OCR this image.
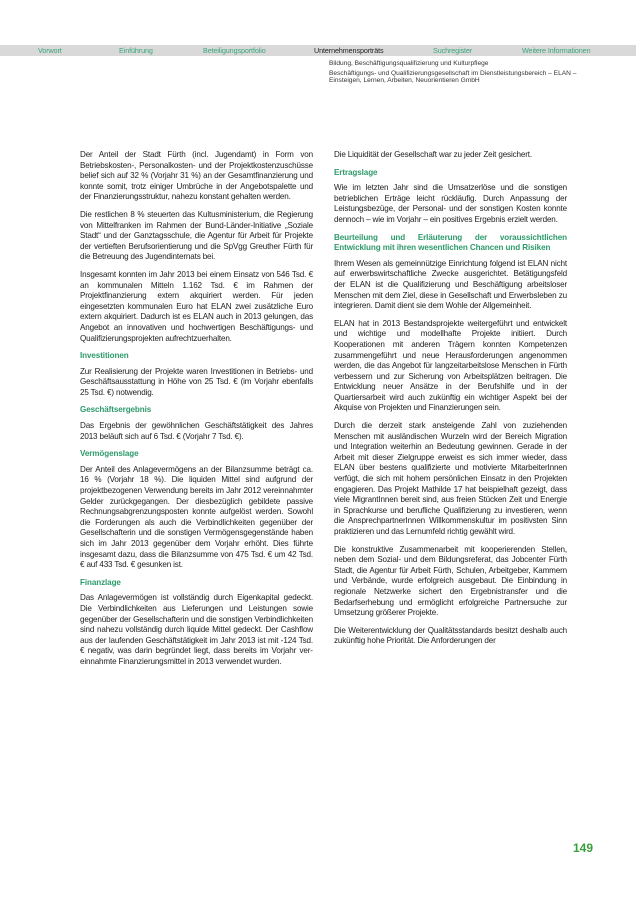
Vorwort	Einführung	Beteiligungsportfolio	Unternehmensporträts	Suchregister	Weitere Informationen
Bildung, Beschäftigungsqualifizierung und Kulturpflege
Beschäftigungs- und Qualifizierungsgesellschaft im Dienstleistungsbereich – ELAN –
Einsteigen, Lernen, Arbeiten, Neuorientieren GmbH

Der Anteil der Stadt Fürth (incl. Jugendamt) in Form von Betriebskosten-, Personalkosten- und der Projektkostenzuschüsse belief sich auf 32 % (Vorjahr 31 %) an der Gesamtfinanzierung und konnte somit, trotz einiger Umbrüche in der Angebotspalette und der Finanzierungsstruktur, nahezu konstant gehalten werden.

Die restlichen 8 % steuerten das Kultusministerium, die Regierung von Mittelfranken im Rahmen der Bund-Länder-Initiative „Soziale Stadt“ und der Ganztagsschule, die Agentur für Arbeit für Projekte der vertieften Berufsorientierung und die SpVgg Greuther Fürth für die Betreuung des Jugendinternats bei.

Insgesamt konnten im Jahr 2013 bei einem Einsatz von 546 Tsd. € an kommunalen Mitteln 1.162 Tsd. € im Rahmen der Projektfinanzierung extern akquiriert werden. Für jeden eingesetzten kommunalen Euro hat ELAN zwei zusätzliche Euro extern akquiriert. Dadurch ist es ELAN auch in 2013 gelungen, das Angebot an innovativen und hochwertigen Beschäftigungs- und Qualifizierungsprojekten aufrechtzuerhalten.

Investitionen

Zur Realisierung der Projekte waren Investitionen in Betriebs- und Geschäftsausstattung in Höhe von 25 Tsd. € (im Vorjahr ebenfalls 25 Tsd. €) notwendig.

Geschäftsergebnis

Das Ergebnis der gewöhnlichen Geschäftstätigkeit des Jahres 2013 beläuft sich auf 6 Tsd. € (Vorjahr 7 Tsd. €).

Vermögenslage

Der Anteil des Anlagevermögens an der Bilanzsumme beträgt ca. 16 % (Vorjahr 18 %). Die liquiden Mittel sind aufgrund der projektbezogenen Verwendung bereits im Jahr 2012 vereinnahmter Gelder zurückgegangen. Der diesbezüglich gebildete passive Rechnungsabgrenzungsposten konnte aufgelöst werden. Sowohl die Forderungen als auch die Verbindlichkeiten gegenüber der Gesellschafterin und die sonstigen Vermögensgegenstände haben sich im Jahr 2013 gegenüber dem Vorjahr erhöht. Dies führte insgesamt dazu, dass die Bilanzsumme von 475 Tsd. € um 42 Tsd. € auf 433 Tsd. € gesunken ist.

Finanzlage

Das Anlagevermögen ist vollständig durch Eigenkapital gedeckt. Die Verbindlichkeiten aus Lieferungen und Leistungen sowie gegenüber der Gesellschafterin und die sonstigen Verbindlichkeiten sind nahezu vollständig durch liquide Mittel gedeckt. Der Cashflow aus der laufenden Geschäftstätigkeit im Jahr 2013 ist mit -124 Tsd. € negativ, was darin begründet liegt, dass bereits im Vorjahr vereinnahmte Finanzierungsmittel in 2013 verwendet wurden.

Die Liquidität der Gesellschaft war zu jeder Zeit gesichert.

Ertragslage

Wie im letzten Jahr sind die Umsatzerlöse und die sonstigen betrieblichen Erträge leicht rückläufig. Durch Anpassung der Leistungsbezüge, der Personal- und der sonstigen Kosten konnte dennoch – wie im Vorjahr – ein positives Ergebnis erzielt werden.

Beurteilung und Erläuterung der voraussichtlichen Entwicklung mit ihren wesentlichen Chancen und Risiken

Ihrem Wesen als gemeinnützige Einrichtung folgend ist ELAN nicht auf erwerbswirtschaftliche Zwecke ausgerichtet. Betätigungsfeld der ELAN ist die Qualifizierung und Beschäftigung arbeitsloser Menschen mit dem Ziel, diese in Gesellschaft und Erwerbsleben zu integrieren. Damit dient sie dem Wohle der Allgemeinheit.

ELAN hat in 2013 Bestandsprojekte weitergeführt und entwickelt und wichtige und modellhafte Projekte initiiert. Durch Kooperationen mit anderen Trägern konnten Kompetenzen zusammengeführt und neue Herausforderungen angenommen werden, die das Angebot für langzeitarbeitslose Menschen in Fürth verbessern und zur Sicherung von Arbeitsplätzen beitragen. Die Entwicklung neuer Ansätze in der Berufshilfe und in der Quartiersarbeit wird auch zukünftig ein wichtiger Aspekt bei der Akquise von Projekten und Finanzierungen sein.

Durch die derzeit stark ansteigende Zahl von zuziehenden Menschen mit ausländischen Wurzeln wird der Bereich Migration und Integration weiterhin an Bedeutung gewinnen. Gerade in der Arbeit mit dieser Zielgruppe erweist es sich immer wieder, dass ELAN über bestens qualifizierte und motivierte MitarbeiterInnen verfügt, die sich mit hohem persönlichen Einsatz in den Projekten engagieren. Das Projekt Mathilde 17 hat beispielhaft gezeigt, dass viele MigrantInnen bereit sind, aus freien Stücken Zeit und Energie in Sprachkurse und berufliche Qualifizierung zu investieren, wenn die AnsprechpartnerInnen Willkommenskultur im positivsten Sinn praktizieren und das Lernumfeld richtig gewählt wird.

Die konstruktive Zusammenarbeit mit kooperierenden Stellen, neben dem Sozial- und dem Bildungsreferat, das Jobcenter Fürth Stadt, die Agentur für Arbeit Fürth, Schulen, Arbeitgeber, Kammern und Verbände, wurde erfolgreich ausgebaut. Die Einbindung in regionale Netzwerke sichert den Ergebnistransfer und die Bedarfserhebung und ermöglicht erfolgreiche Partnersuche zur Umsetzung größerer Projekte.

Die Weiterentwicklung der Qualitätsstandards besitzt deshalb auch zukünftig hohe Priorität. Die Anforderungen der

149
